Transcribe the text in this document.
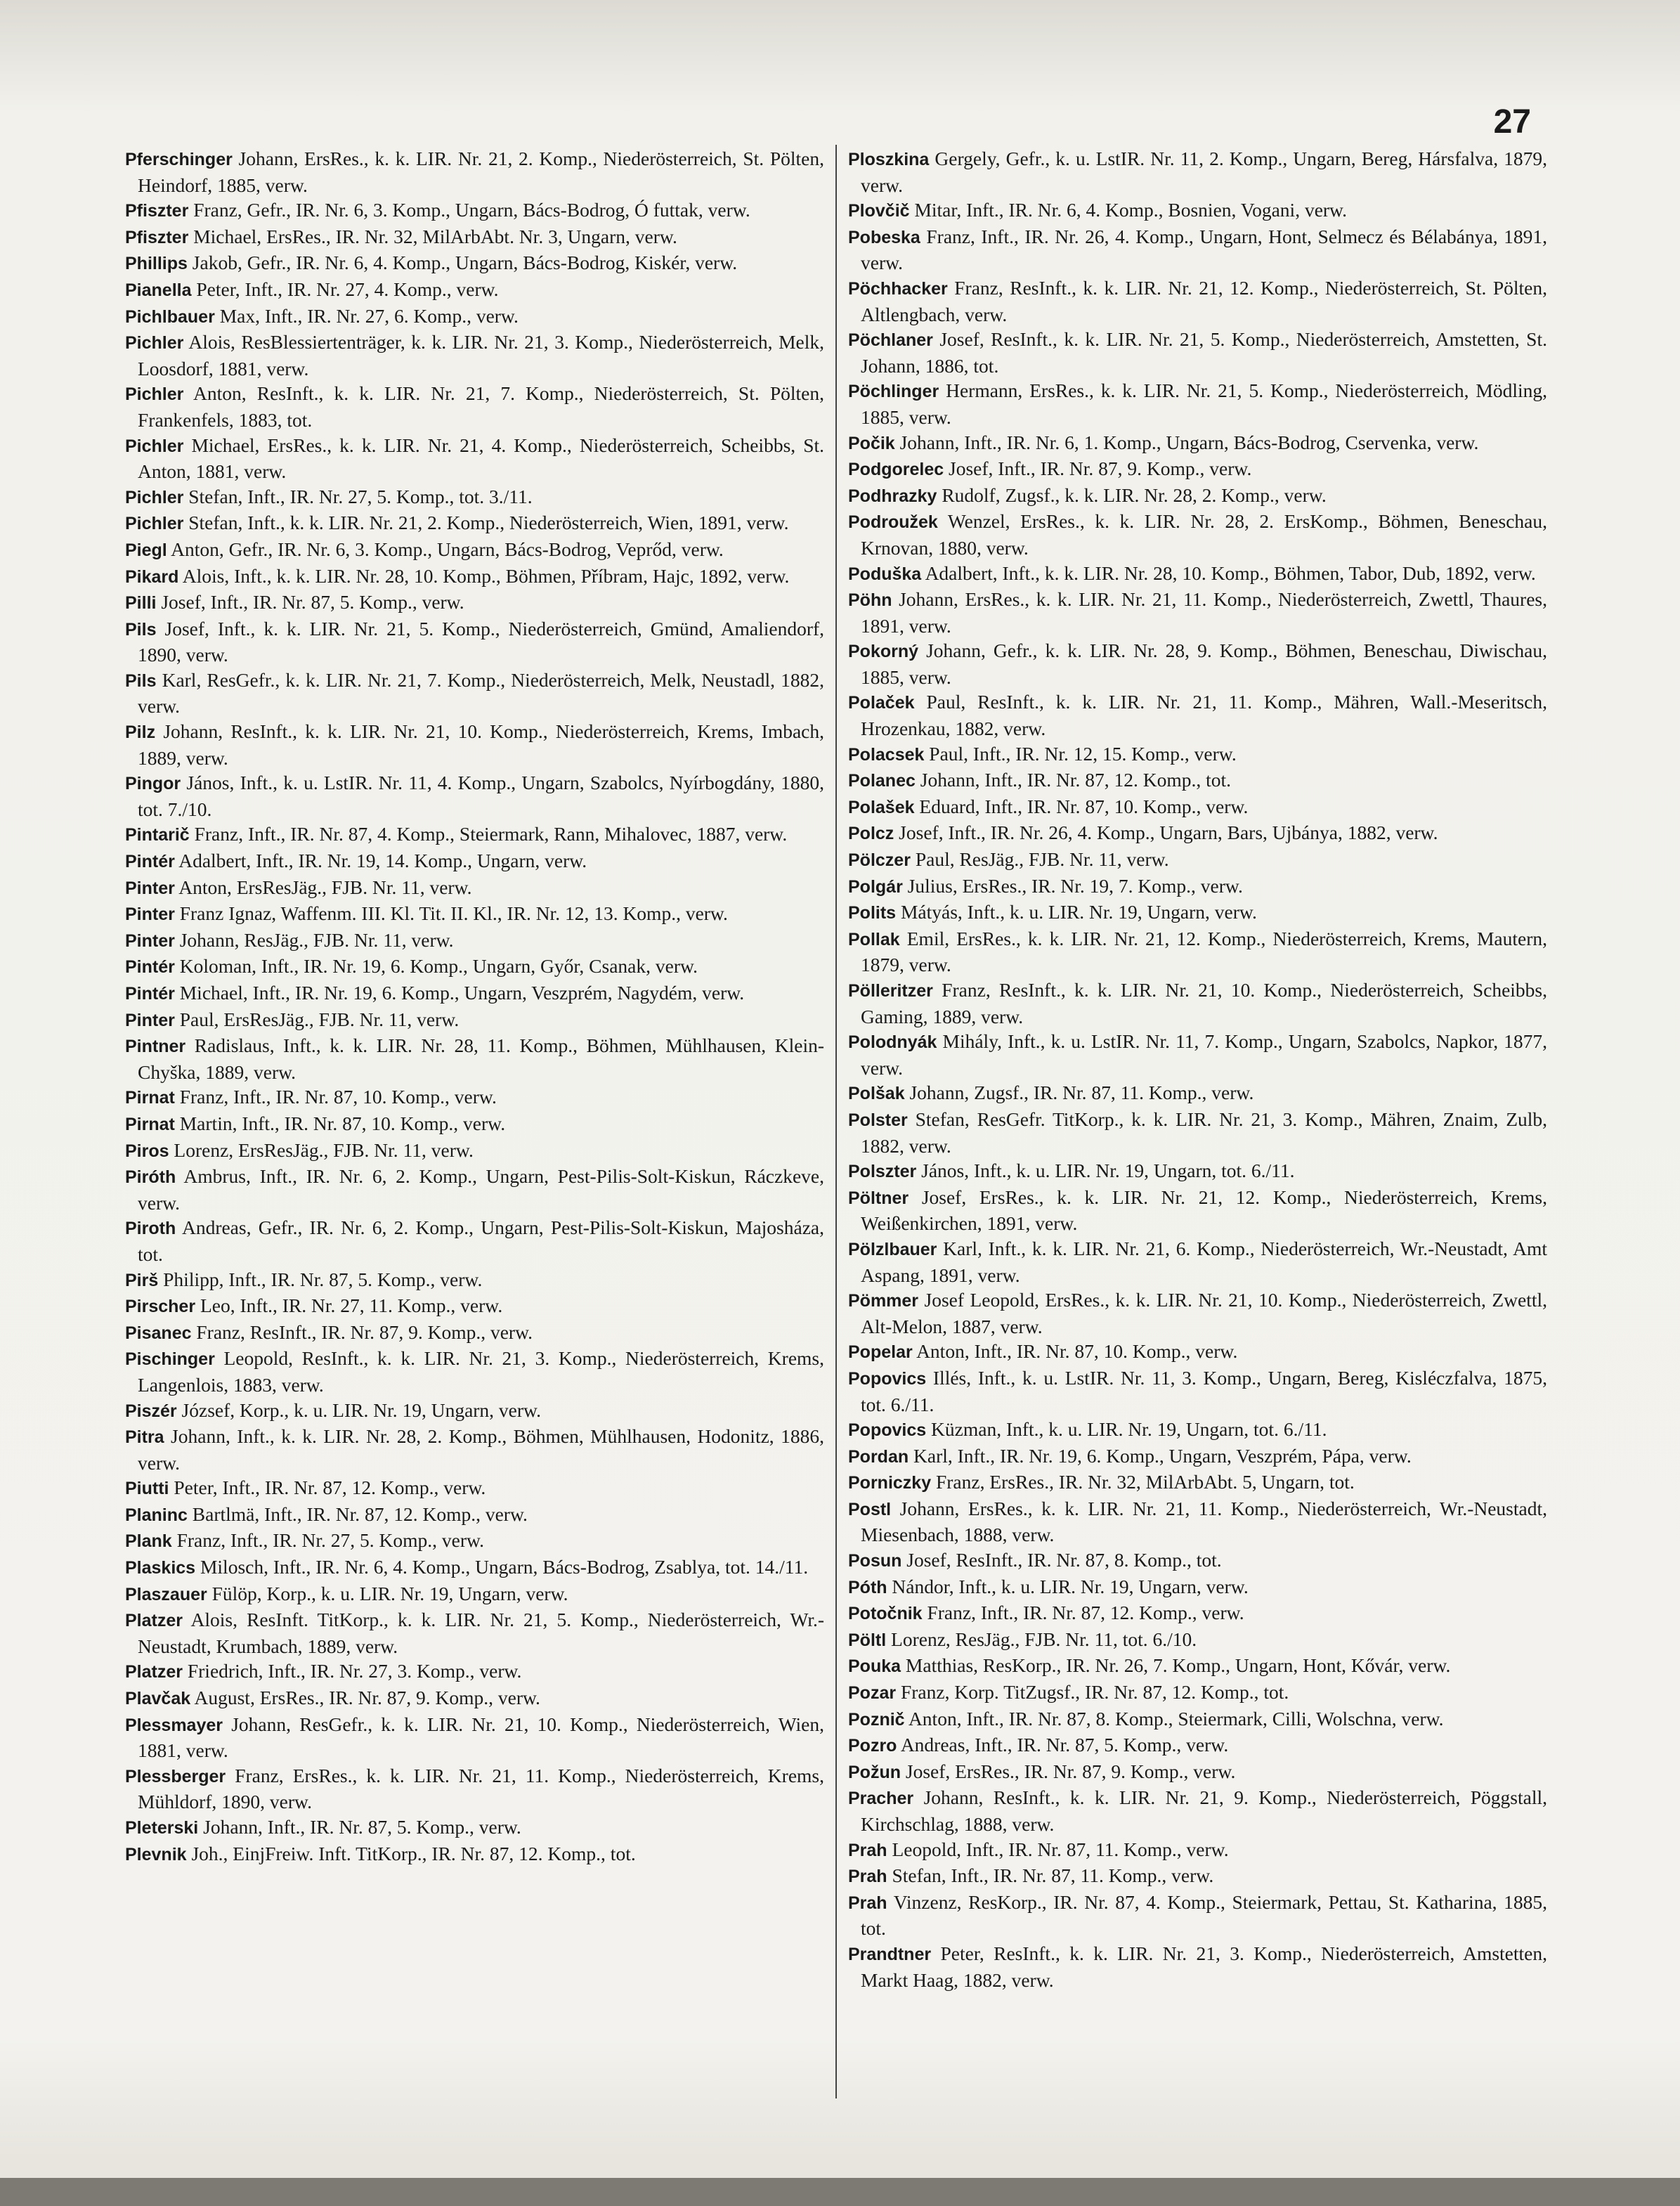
27

Pferschinger Johann, ErsRes., k. k. LIR. Nr. 21, 2. Komp., Niederösterreich, St. Pölten, Heindorf, 1885, verw.

Pfiszter Franz, Gefr., IR. Nr. 6, 3. Komp., Ungarn, Bács-Bodrog, Ó futtak, verw.

Pfiszter Michael, ErsRes., IR. Nr. 32, MilArbAbt. Nr. 3, Ungarn, verw.

Phillips Jakob, Gefr., IR. Nr. 6, 4. Komp., Ungarn, Bács-Bodrog, Kiskér, verw.

Pianella Peter, Inft., IR. Nr. 27, 4. Komp., verw.

Pichlbauer Max, Inft., IR. Nr. 27, 6. Komp., verw.

Pichler Alois, ResBlessiertenträger, k. k. LIR. Nr. 21, 3. Komp., Niederösterreich, Melk, Loosdorf, 1881, verw.

Pichler Anton, ResInft., k. k. LIR. Nr. 21, 7. Komp., Niederösterreich, St. Pölten, Frankenfels, 1883, tot.

Pichler Michael, ErsRes., k. k. LIR. Nr. 21, 4. Komp., Niederösterreich, Scheibbs, St. Anton, 1881, verw.

Pichler Stefan, Inft., IR. Nr. 27, 5. Komp., tot. 3./11.

Pichler Stefan, Inft., k. k. LIR. Nr. 21, 2. Komp., Niederösterreich, Wien, 1891, verw.

Piegl Anton, Gefr., IR. Nr. 6, 3. Komp., Ungarn, Bács-Bodrog, Veprőd, verw.

Pikard Alois, Inft., k. k. LIR. Nr. 28, 10. Komp., Böhmen, Příbram, Hajc, 1892, verw.

Pilli Josef, Inft., IR. Nr. 87, 5. Komp., verw.

Pils Josef, Inft., k. k. LIR. Nr. 21, 5. Komp., Niederösterreich, Gmünd, Amaliendorf, 1890, verw.

Pils Karl, ResGefr., k. k. LIR. Nr. 21, 7. Komp., Niederösterreich, Melk, Neustadl, 1882, verw.

Pilz Johann, ResInft., k. k. LIR. Nr. 21, 10. Komp., Niederösterreich, Krems, Imbach, 1889, verw.

Pingor János, Inft., k. u. LstIR. Nr. 11, 4. Komp., Ungarn, Szabolcs, Nyírbogdány, 1880, tot. 7./10.

Pintarič Franz, Inft., IR. Nr. 87, 4. Komp., Steiermark, Rann, Mihalovec, 1887, verw.

Pintér Adalbert, Inft., IR. Nr. 19, 14. Komp., Ungarn, verw.

Pinter Anton, ErsResJäg., FJB. Nr. 11, verw.

Pinter Franz Ignaz, Waffenm. III. Kl. Tit. II. Kl., IR. Nr. 12, 13. Komp., verw.

Pinter Johann, ResJäg., FJB. Nr. 11, verw.

Pintér Koloman, Inft., IR. Nr. 19, 6. Komp., Ungarn, Győr, Csanak, verw.

Pintér Michael, Inft., IR. Nr. 19, 6. Komp., Ungarn, Veszprém, Nagydém, verw.

Pinter Paul, ErsResJäg., FJB. Nr. 11, verw.

Pintner Radislaus, Inft., k. k. LIR. Nr. 28, 11. Komp., Böhmen, Mühlhausen, Klein-Chyška, 1889, verw.

Pirnat Franz, Inft., IR. Nr. 87, 10. Komp., verw.

Pirnat Martin, Inft., IR. Nr. 87, 10. Komp., verw.

Piros Lorenz, ErsResJäg., FJB. Nr. 11, verw.

Piróth Ambrus, Inft., IR. Nr. 6, 2. Komp., Ungarn, Pest-Pilis-Solt-Kiskun, Ráczkeve, verw.

Piroth Andreas, Gefr., IR. Nr. 6, 2. Komp., Ungarn, Pest-Pilis-Solt-Kiskun, Majosháza, tot.

Pirš Philipp, Inft., IR. Nr. 87, 5. Komp., verw.

Pirscher Leo, Inft., IR. Nr. 27, 11. Komp., verw.

Pisanec Franz, ResInft., IR. Nr. 87, 9. Komp., verw.

Pischinger Leopold, ResInft., k. k. LIR. Nr. 21, 3. Komp., Niederösterreich, Krems, Langenlois, 1883, verw.

Piszér József, Korp., k. u. LIR. Nr. 19, Ungarn, verw.

Pitra Johann, Inft., k. k. LIR. Nr. 28, 2. Komp., Böhmen, Mühlhausen, Hodonitz, 1886, verw.

Piutti Peter, Inft., IR. Nr. 87, 12. Komp., verw.

Planinc Bartlmä, Inft., IR. Nr. 87, 12. Komp., verw.

Plank Franz, Inft., IR. Nr. 27, 5. Komp., verw.

Plaskics Milosch, Inft., IR. Nr. 6, 4. Komp., Ungarn, Bács-Bodrog, Zsablya, tot. 14./11.

Plaszauer Fülöp, Korp., k. u. LIR. Nr. 19, Ungarn, verw.

Platzer Alois, ResInft. TitKorp., k. k. LIR. Nr. 21, 5. Komp., Niederösterreich, Wr.-Neustadt, Krumbach, 1889, verw.

Platzer Friedrich, Inft., IR. Nr. 27, 3. Komp., verw.

Plavčak August, ErsRes., IR. Nr. 87, 9. Komp., verw.

Plessmayer Johann, ResGefr., k. k. LIR. Nr. 21, 10. Komp., Niederösterreich, Wien, 1881, verw.

Plessberger Franz, ErsRes., k. k. LIR. Nr. 21, 11. Komp., Niederösterreich, Krems, Mühldorf, 1890, verw.

Pleterski Johann, Inft., IR. Nr. 87, 5. Komp., verw.

Plevnik Joh., EinjFreiw. Inft. TitKorp., IR. Nr. 87, 12. Komp., tot.

Ploszkina Gergely, Gefr., k. u. LstIR. Nr. 11, 2. Komp., Ungarn, Bereg, Hársfalva, 1879, verw.

Plovčič Mitar, Inft., IR. Nr. 6, 4. Komp., Bosnien, Vogani, verw.

Pobeska Franz, Inft., IR. Nr. 26, 4. Komp., Ungarn, Hont, Selmecz és Bélabánya, 1891, verw.

Pöchhacker Franz, ResInft., k. k. LIR. Nr. 21, 12. Komp., Niederösterreich, St. Pölten, Altlengbach, verw.

Pöchlaner Josef, ResInft., k. k. LIR. Nr. 21, 5. Komp., Niederösterreich, Amstetten, St. Johann, 1886, tot.

Pöchlinger Hermann, ErsRes., k. k. LIR. Nr. 21, 5. Komp., Niederösterreich, Mödling, 1885, verw.

Počik Johann, Inft., IR. Nr. 6, 1. Komp., Ungarn, Bács-Bodrog, Cservenka, verw.

Podgorelec Josef, Inft., IR. Nr. 87, 9. Komp., verw.

Podhrazky Rudolf, Zugsf., k. k. LIR. Nr. 28, 2. Komp., verw.

Podroužek Wenzel, ErsRes., k. k. LIR. Nr. 28, 2. ErsKomp., Böhmen, Beneschau, Krnovan, 1880, verw.

Poduška Adalbert, Inft., k. k. LIR. Nr. 28, 10. Komp., Böhmen, Tabor, Dub, 1892, verw.

Pöhn Johann, ErsRes., k. k. LIR. Nr. 21, 11. Komp., Niederösterreich, Zwettl, Thaures, 1891, verw.

Pokorný Johann, Gefr., k. k. LIR. Nr. 28, 9. Komp., Böhmen, Beneschau, Diwischau, 1885, verw.

Polaček Paul, ResInft., k. k. LIR. Nr. 21, 11. Komp., Mähren, Wall.-Meseritsch, Hrozenkau, 1882, verw.

Polacsek Paul, Inft., IR. Nr. 12, 15. Komp., verw.

Polanec Johann, Inft., IR. Nr. 87, 12. Komp., tot.

Polašek Eduard, Inft., IR. Nr. 87, 10. Komp., verw.

Polcz Josef, Inft., IR. Nr. 26, 4. Komp., Ungarn, Bars, Ujbánya, 1882, verw.

Pölczer Paul, ResJäg., FJB. Nr. 11, verw.

Polgár Julius, ErsRes., IR. Nr. 19, 7. Komp., verw.

Polits Mátyás, Inft., k. u. LIR. Nr. 19, Ungarn, verw.

Pollak Emil, ErsRes., k. k. LIR. Nr. 21, 12. Komp., Niederösterreich, Krems, Mautern, 1879, verw.

Pölleritzer Franz, ResInft., k. k. LIR. Nr. 21, 10. Komp., Niederösterreich, Scheibbs, Gaming, 1889, verw.

Polodnyák Mihály, Inft., k. u. LstIR. Nr. 11, 7. Komp., Ungarn, Szabolcs, Napkor, 1877, verw.

Polšak Johann, Zugsf., IR. Nr. 87, 11. Komp., verw.

Polster Stefan, ResGefr. TitKorp., k. k. LIR. Nr. 21, 3. Komp., Mähren, Znaim, Zulb, 1882, verw.

Polszter János, Inft., k. u. LIR. Nr. 19, Ungarn, tot. 6./11.

Pöltner Josef, ErsRes., k. k. LIR. Nr. 21, 12. Komp., Niederösterreich, Krems, Weißenkirchen, 1891, verw.

Pölzlbauer Karl, Inft., k. k. LIR. Nr. 21, 6. Komp., Niederösterreich, Wr.-Neustadt, Amt Aspang, 1891, verw.

Pömmer Josef Leopold, ErsRes., k. k. LIR. Nr. 21, 10. Komp., Niederösterreich, Zwettl, Alt-Melon, 1887, verw.

Popelar Anton, Inft., IR. Nr. 87, 10. Komp., verw.

Popovics Illés, Inft., k. u. LstIR. Nr. 11, 3. Komp., Ungarn, Bereg, Kisléczfalva, 1875, tot. 6./11.

Popovics Küzman, Inft., k. u. LIR. Nr. 19, Ungarn, tot. 6./11.

Pordan Karl, Inft., IR. Nr. 19, 6. Komp., Ungarn, Veszprém, Pápa, verw.

Porniczky Franz, ErsRes., IR. Nr. 32, MilArbAbt. 5, Ungarn, tot.

Postl Johann, ErsRes., k. k. LIR. Nr. 21, 11. Komp., Niederösterreich, Wr.-Neustadt, Miesenbach, 1888, verw.

Posun Josef, ResInft., IR. Nr. 87, 8. Komp., tot.

Póth Nándor, Inft., k. u. LIR. Nr. 19, Ungarn, verw.

Potočnik Franz, Inft., IR. Nr. 87, 12. Komp., verw.

Pöltl Lorenz, ResJäg., FJB. Nr. 11, tot. 6./10.

Pouka Matthias, ResKorp., IR. Nr. 26, 7. Komp., Ungarn, Hont, Kővár, verw.

Pozar Franz, Korp. TitZugsf., IR. Nr. 87, 12. Komp., tot.

Poznič Anton, Inft., IR. Nr. 87, 8. Komp., Steiermark, Cilli, Wolschna, verw.

Pozro Andreas, Inft., IR. Nr. 87, 5. Komp., verw.

Požun Josef, ErsRes., IR. Nr. 87, 9. Komp., verw.

Pracher Johann, ResInft., k. k. LIR. Nr. 21, 9. Komp., Niederösterreich, Pöggstall, Kirchschlag, 1888, verw.

Prah Leopold, Inft., IR. Nr. 87, 11. Komp., verw.

Prah Stefan, Inft., IR. Nr. 87, 11. Komp., verw.

Prah Vinzenz, ResKorp., IR. Nr. 87, 4. Komp., Steiermark, Pettau, St. Katharina, 1885, tot.

Prandtner Peter, ResInft., k. k. LIR. Nr. 21, 3. Komp., Niederösterreich, Amstetten, Markt Haag, 1882, verw.
